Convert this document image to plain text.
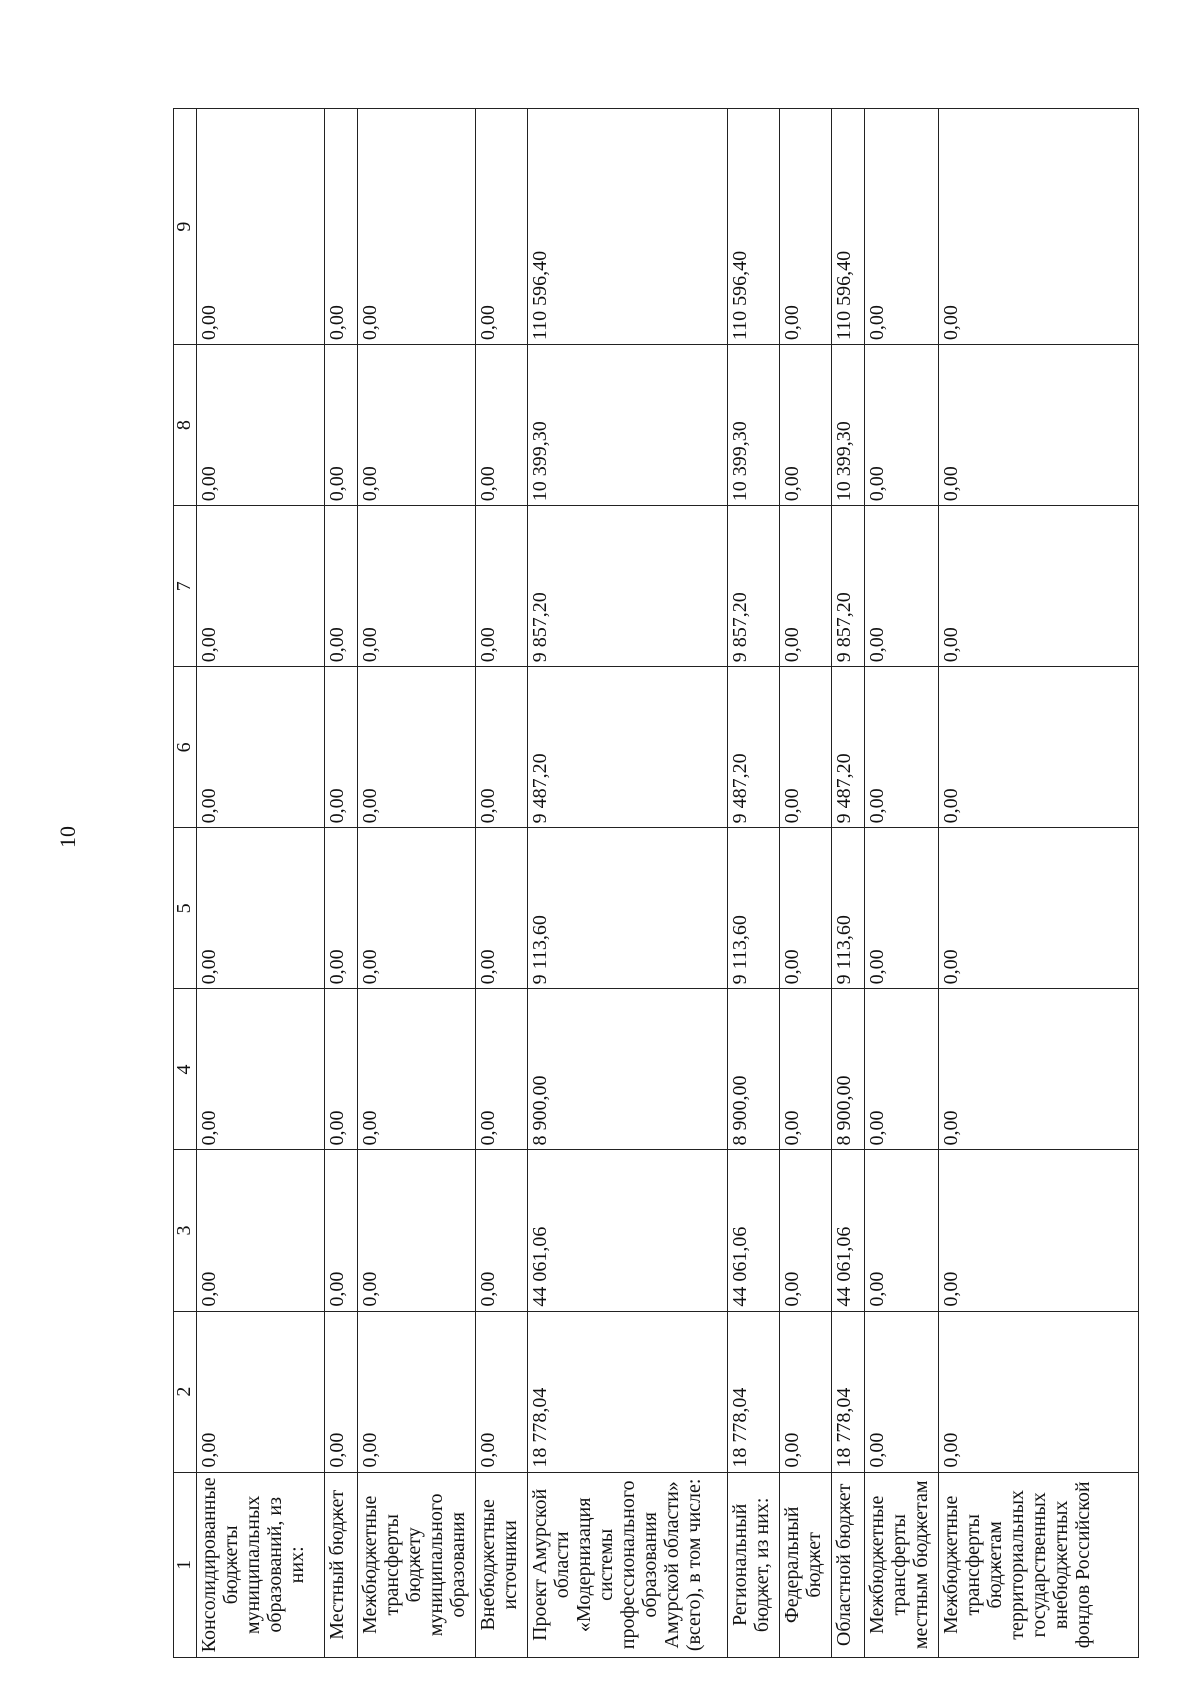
10
1	2	3	4	5	6	7	8	9
Консолидированные бюджеты муниципальных образований, из них:	0,00	0,00	0,00	0,00	0,00	0,00	0,00	0,00
Местный бюджет	0,00	0,00	0,00	0,00	0,00	0,00	0,00	0,00
Межбюджетные трансферты бюджету муниципального образования	0,00	0,00	0,00	0,00	0,00	0,00	0,00	0,00
Внебюджетные источники	0,00	0,00	0,00	0,00	0,00	0,00	0,00	0,00
Проект Амурской области «Модернизация системы профессионального образования Амурской области» (всего), в том числе:	18 778,04	44 061,06	8 900,00	9 113,60	9 487,20	9 857,20	10 399,30	110 596,40
Региональный бюджет, из них:	18 778,04	44 061,06	8 900,00	9 113,60	9 487,20	9 857,20	10 399,30	110 596,40
Федеральный бюджет	0,00	0,00	0,00	0,00	0,00	0,00	0,00	0,00
Областной бюджет	18 778,04	44 061,06	8 900,00	9 113,60	9 487,20	9 857,20	10 399,30	110 596,40
Межбюджетные трансферты местным бюджетам	0,00	0,00	0,00	0,00	0,00	0,00	0,00	0,00
Межбюджетные трансферты бюджетам территориальных государственных внебюджетных фондов Российской	0,00	0,00	0,00	0,00	0,00	0,00	0,00	0,00
